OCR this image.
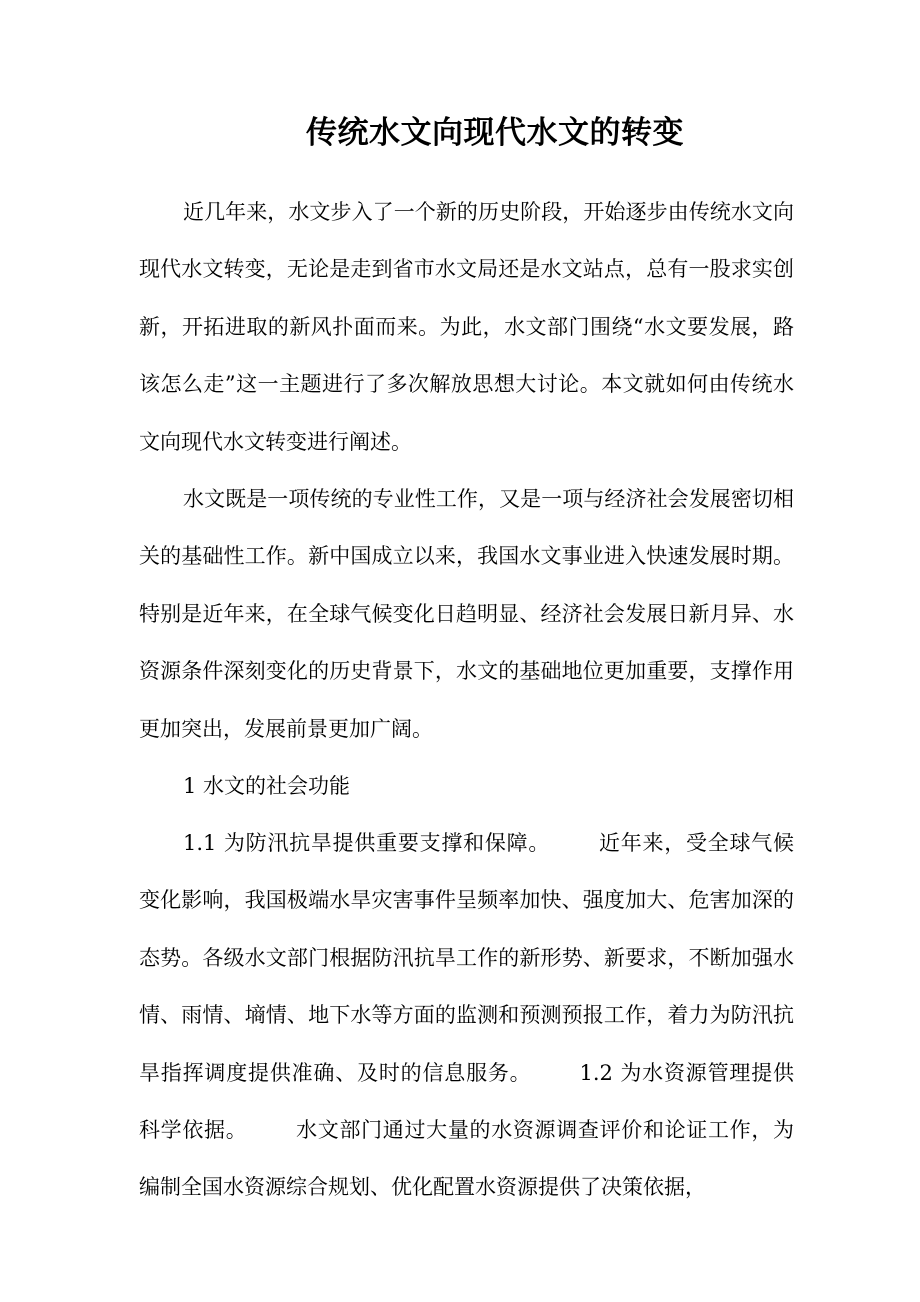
传统水文向现代水文的转变

近几年来，水文步入了一个新的历史阶段，开始逐步由传统水文向现代水文转变，无论是走到省市水文局还是水文站点，总有一股求实创新，开拓进取的新风扑面而来。为此，水文部门围绕“水文要发展，路该怎么走”这一主题进行了多次解放思想大讨论。本文就如何由传统水文向现代水文转变进行阐述。

水文既是一项传统的专业性工作，又是一项与经济社会发展密切相关的基础性工作。新中国成立以来，我国水文事业进入快速发展时期。特别是近年来，在全球气候变化日趋明显、经济社会发展日新月异、水资源条件深刻变化的历史背景下，水文的基础地位更加重要，支撑作用更加突出，发展前景更加广阔。

1 水文的社会功能

1.1 为防汛抗旱提供重要支撑和保障。 近年来，受全球气候变化影响，我国极端水旱灾害事件呈频率加快、强度加大、危害加深的态势。各级水文部门根据防汛抗旱工作的新形势、新要求，不断加强水情、雨情、墒情、地下水等方面的监测和预测预报工作，着力为防汛抗旱指挥调度提供准确、及时的信息服务。 1.2 为水资源管理提供科学依据。 水文部门通过大量的水资源调查评价和论证工作，为编制全国水资源综合规划、优化配置水资源提供了决策依据，
